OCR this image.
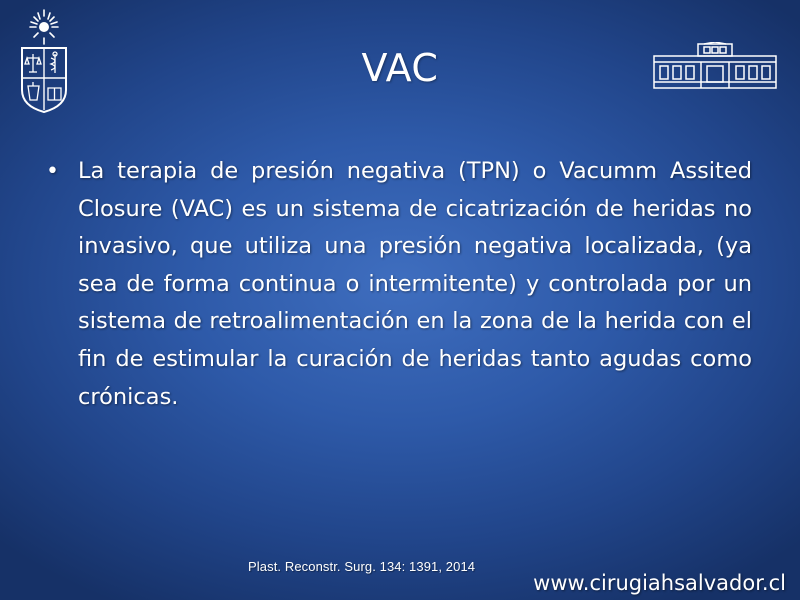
VAC
• La terapia de presión negativa (TPN) o Vacumm Assited Closure (VAC) es un sistema de cicatrización de heridas no invasivo, que utiliza una presión negativa localizada, (ya sea de forma continua o intermitente) y controlada por un sistema de retroalimentación en la zona de la herida con el fin de estimular la curación de heridas tanto agudas como crónicas.
Plast. Reconstr. Surg. 134: 1391, 2014
www.cirugiahsalvador.cl
